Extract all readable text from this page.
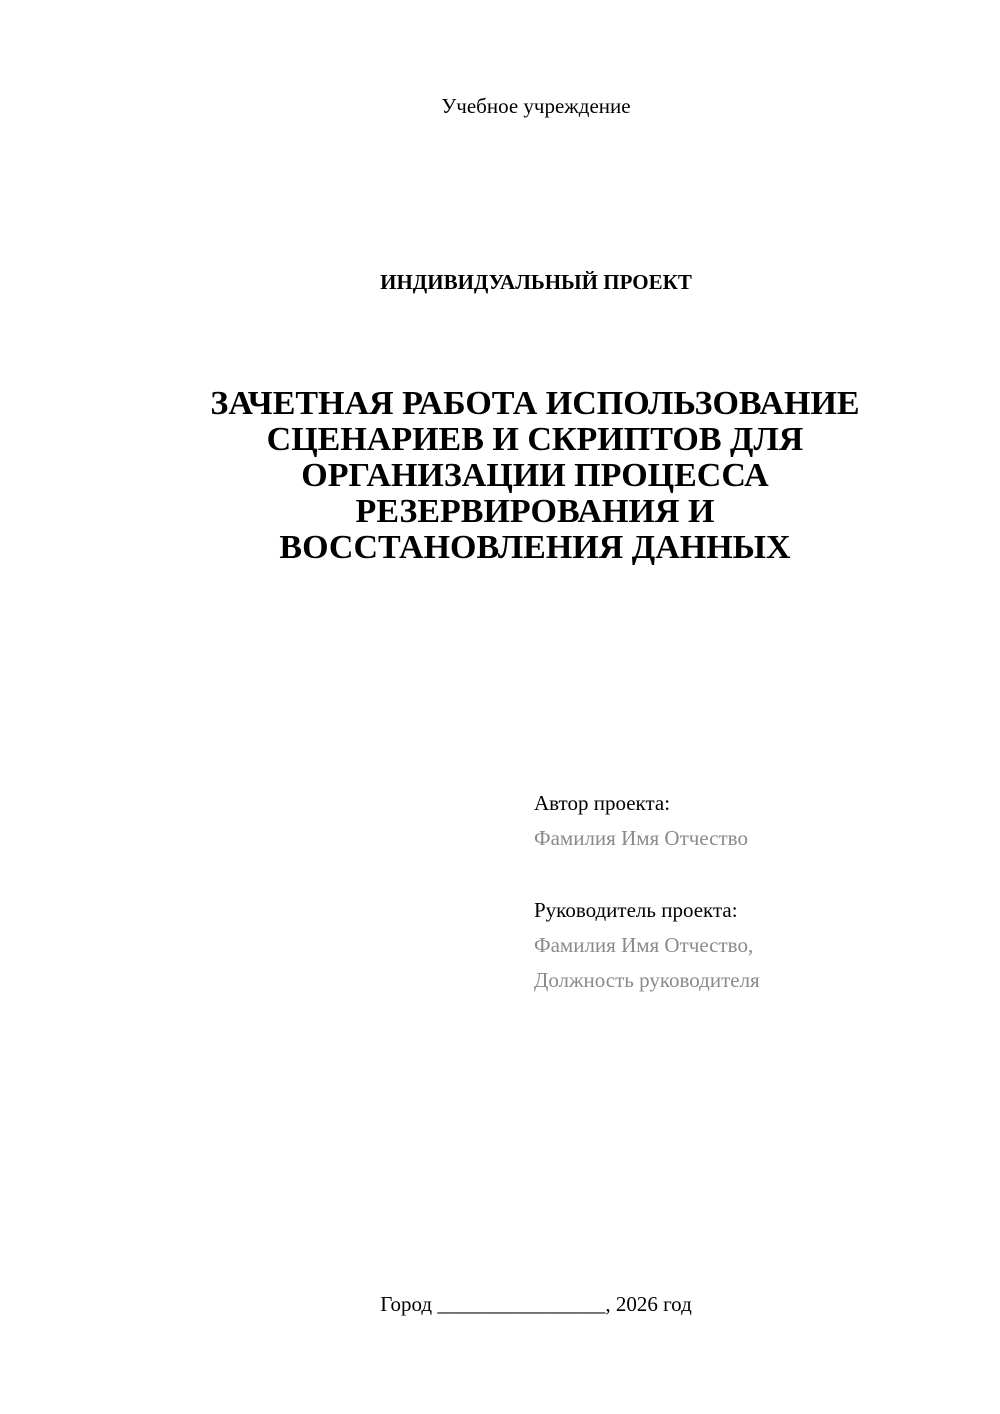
Учебное учреждение
ИНДИВИДУАЛЬНЫЙ ПРОЕКТ
ЗАЧЕТНАЯ РАБОТА ИСПОЛЬЗОВАНИЕ
СЦЕНАРИЕВ И СКРИПТОВ ДЛЯ
ОРГАНИЗАЦИИ ПРОЦЕССА
РЕЗЕРВИРОВАНИЯ И
ВОССТАНОВЛЕНИЯ ДАННЫХ
Автор проекта:
Фамилия Имя Отчество
Руководитель проекта:
Фамилия Имя Отчество,
Должность руководителя
Город ________________, 2026 год
